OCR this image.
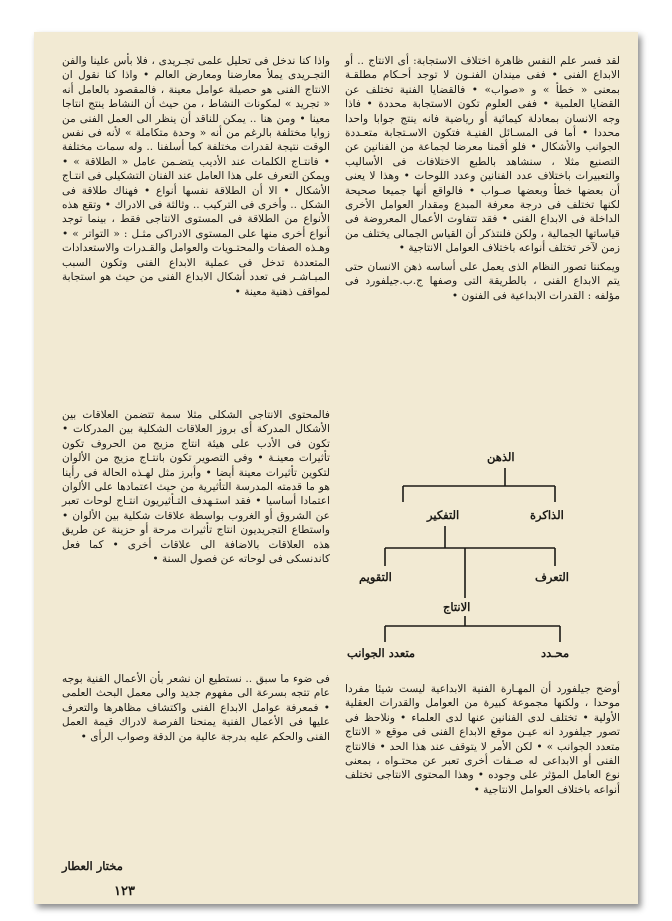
لقد فسر علم النفس ظاهرة اختلاف الاستجابة: أى الانتاج .. أو الابداع الفنى • ففى ميندان الفنـون لا توجد أحـكام مطلقـة بمعنى « خطأ » و «صواب» • فالقضايا الفنية تختلف عن القضايا العلمية • ففى العلوم تكون الاستجابة محددة • فاذا وجه الانسان بمعادلة كيمائية أو رياضية فانه ينتج جوابا واحدا محددا • أما فى المسـائل الفنيـة فتكون الاسـتجابة متعـددة الجوانب والأشكال • فلو أقمنا معرضا لجماعة من الفنانين عن التصنيع مثلا ، سنشاهد بالطبع الاختلافات فى الأساليب والتعبيرات باختلاف عدد الفنانين وعدد اللوحات • وهذا لا يعنى أن بعضها خطأ وبعضها صـواب • فالواقع أنها جميعا صحيحة لكنها تختلف فى درجة معرفة المبدع ومقدار العوامل الأخرى الداخلة فى الابداع الفنى • فقد تتفاوت الأعمال المعروضة فى قياساتها الجمالية ، ولكن فلنتذكر أن القياس الجمالى يختلف من زمن لآخر تختلف أنواعه باختلاف العوامل الانتاجية •

ويمكننا تصور النظام الذى يعمل على أساسه ذهن الانسان حتى يتم الابداع الفنى ، بالطريقة التى وصفها ج.ب.جيلفورد فى مؤلفه : القدرات الابداعية فى الفنون •

الذهن
الذاكرة
التفكير
التعرف
التقويم
الانتاج
محـدد
متعدد الجوانب

أوضح جيلفورد أن المهـارة الفنية الابداعية ليست شيئا مفردا موحدا ، ولكنها مجموعة كبيرة من العوامل والقدرات العقلية الأولية • تختلف لدى الفنانين عنها لدى العلماء • ونلاحظ فى تصور جيلفورد انه عيـن موقع الابداع الفنى فى موقع « الانتاج متعدد الجوانب » • لكن الأمر لا يتوقف عند هذا الحد • فالانتاج الفنى أو الابداعى له صـفات أخرى تعبر عن محتـواه ، بمعنى نوع العامل المؤثر على وجوده • وهذا المحتوى الانتاجى تختلف أنواعه باختلاف العوامل الانتاجية •

واذا كنا ندخل فى تحليل علمى تجـريدى ، فلا بأس علينا والفن التجـريدى يملأ معارضنا ومعارض العالم • واذا كنا نقول ان الانتاج الفنى هو حصيلة عوامل معينة ، فالمقصود بالعامل أنه « تجريد » لمكونات النشاط ، من حيث أن النشاط ينتج انتاجا معينا • ومن هنا .. يمكن للناقد أن ينظر الى العمل الفنى من زوايا مختلفة بالرغم من أنه « وحدة متكاملة » لأنه فى نفس الوقت نتيجة لقدرات مختلفة كما أسلفنا .. وله سمات مختلفة • فانتـاج الكلمات عند الأديب يتضـمن عامل « الطلاقة » • ويمكن التعرف على هذا العامل عند الفنان التشكيلى فى انتـاج الأشكال • الا أن الطلاقة نفسها أنواع • فهناك طلاقة فى الشكل .. وأخرى فى التركيب .. وثالثة فى الادراك • وتقع هذه الأنواع من الطلاقة فى المستوى الانتاجى فقط ، بينما توجد أنواع أخرى منها على المستوى الادراكى مثـل : « التواتر » • وهـذه الصفات والمحتـويات والعوامل والقـدرات والاستعدادات المتعددة تدخل فى عملية الابداع الفنى وتكون السبب المبـاشـر فى تعدد أشكال الابداع الفنى من حيث هو استجابة لمواقف ذهنية معينة •

فالمحتوى الانتاجى الشكلى مثلا سمة تتضمن العلاقات بين الأشكال المدركة أى بروز العلاقات الشكلية بين المدركات • تكون فى الأدب على هيئة انتاج مزيج من الحروف تكون تأثيرات معينـة • وفى التصوير تكون بانتـاج مزيج من الألوان لتكوين تأثيرات معينة أيضا • وأبرز مثل لهـذه الحالة فى رأينا هو ما قدمته المدرسة التأثيرية من حيث اعتمادها على الألوان اعتمادا أساسيا • فقد استـهدف التـأثيريون انتـاج لوحات تعبر عن الشروق أو الغروب بواسطة علاقات شكلية بين الألوان • واستطاع التجريديون انتاج تأثيرات مرحة أو حزينة عن طريق هذه العلاقات بالاضافة الى علاقات أخرى • كما فعل كاندنسكى فى لوحاته عن فصول السنة •

فى ضوء ما سبق .. نستطيع ان نشعر بأن الأعمال الفنية بوجه عام تتجه بسرعة الى مفهوم جديد والى معمل البحث العلمى • فمعرفة عوامل الابداع الفنى واكتشاف مظاهرها والتعرف عليها فى الأعمال الفنية يمنحنا الفرصة لادراك قيمة العمل الفنى والحكم عليه بدرجة عالية من الدقة وصواب الرأى •

مختار العطار
١٢٣
